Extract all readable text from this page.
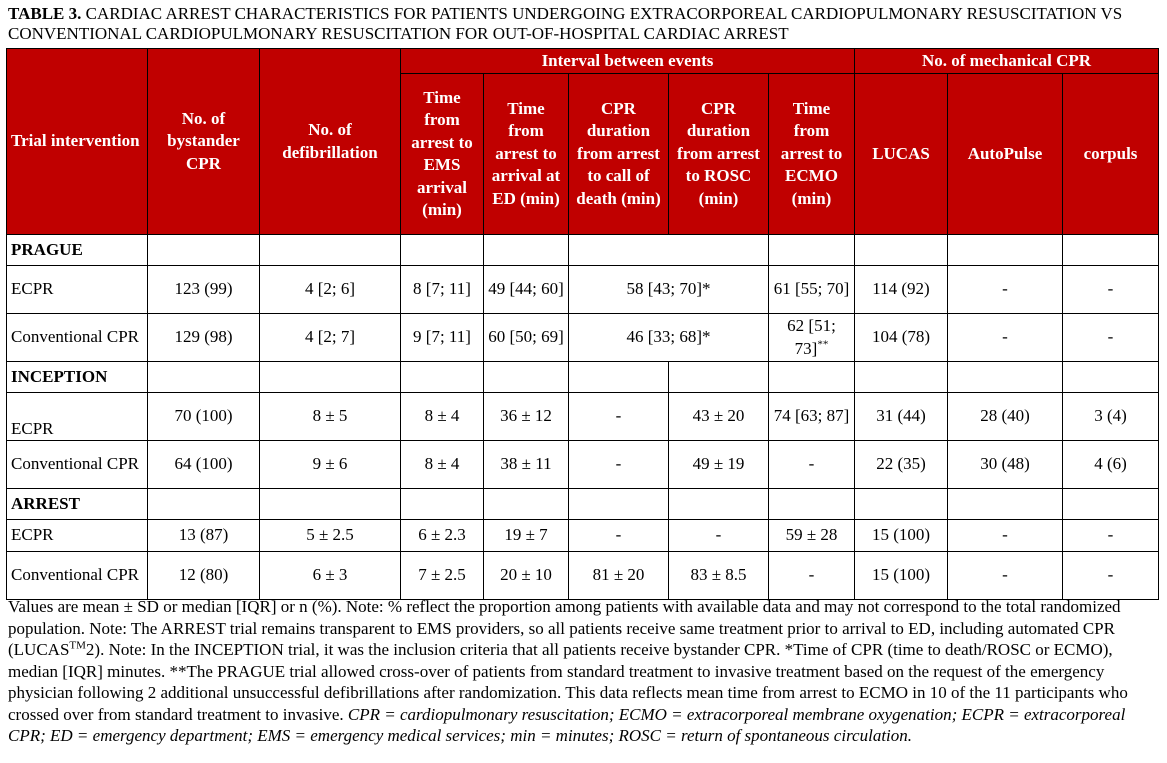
TABLE 3. CARDIAC ARREST CHARACTERISTICS FOR PATIENTS UNDERGOING EXTRACORPOREAL CARDIOPULMONARY RESUSCITATION VS CONVENTIONAL CARDIOPULMONARY RESUSCITATION FOR OUT-OF-HOSPITAL CARDIAC ARREST
Trial intervention	No. of bystander CPR	No. of defibrillation	Interval between events					No. of mechanical CPR		
			Time from arrest to EMS arrival (min)	Time from arrest to arrival at ED (min)	CPR duration from arrest to call of death (min)	CPR duration from arrest to ROSC (min)	Time from arrest to ECMO (min)	LUCAS	AutoPulse	corpuls
PRAGUE										
ECPR	123 (99)	4 [2; 6]	8 [7; 11]	49 [44; 60]	58 [43; 70]*		61 [55; 70]	114 (92)	-	-
Conventional CPR	129 (98)	4 [2; 7]	9 [7; 11]	60 [50; 69]	46 [33; 68]*		62 [51; 73]**	104 (78)	-	-
INCEPTION										
ECPR	70 (100)	8 ± 5	8 ± 4	36 ± 12	-	43 ± 20	74 [63; 87]	31 (44)	28 (40)	3 (4)
Conventional CPR	64 (100)	9 ± 6	8 ± 4	38 ± 11	-	49 ± 19	-	22 (35)	30 (48)	4 (6)
ARREST										
ECPR	13 (87)	5 ± 2.5	6 ± 2.3	19 ± 7	-	-	59 ± 28	15 (100)	-	-
Conventional CPR	12 (80)	6 ± 3	7 ± 2.5	20 ± 10	81 ± 20	83 ± 8.5	-	15 (100)	-	-
Values are mean ± SD or median [IQR] or n (%). Note: % reflect the proportion among patients with available data and may not correspond to the total randomized population. Note: The ARREST trial remains transparent to EMS providers, so all patients receive same treatment prior to arrival to ED, including automated CPR (LUCAS™2). Note: In the INCEPTION trial, it was the inclusion criteria that all patients receive bystander CPR. *Time of CPR (time to death/ROSC or ECMO), median [IQR] minutes. **The PRAGUE trial allowed cross-over of patients from standard treatment to invasive treatment based on the request of the emergency physician following 2 additional unsuccessful defibrillations after randomization. This data reflects mean time from arrest to ECMO in 10 of the 11 participants who crossed over from standard treatment to invasive. CPR = cardiopulmonary resuscitation; ECMO = extracorporeal membrane oxygenation; ECPR = extracorporeal CPR; ED = emergency department; EMS = emergency medical services; min = minutes; ROSC = return of spontaneous circulation.
